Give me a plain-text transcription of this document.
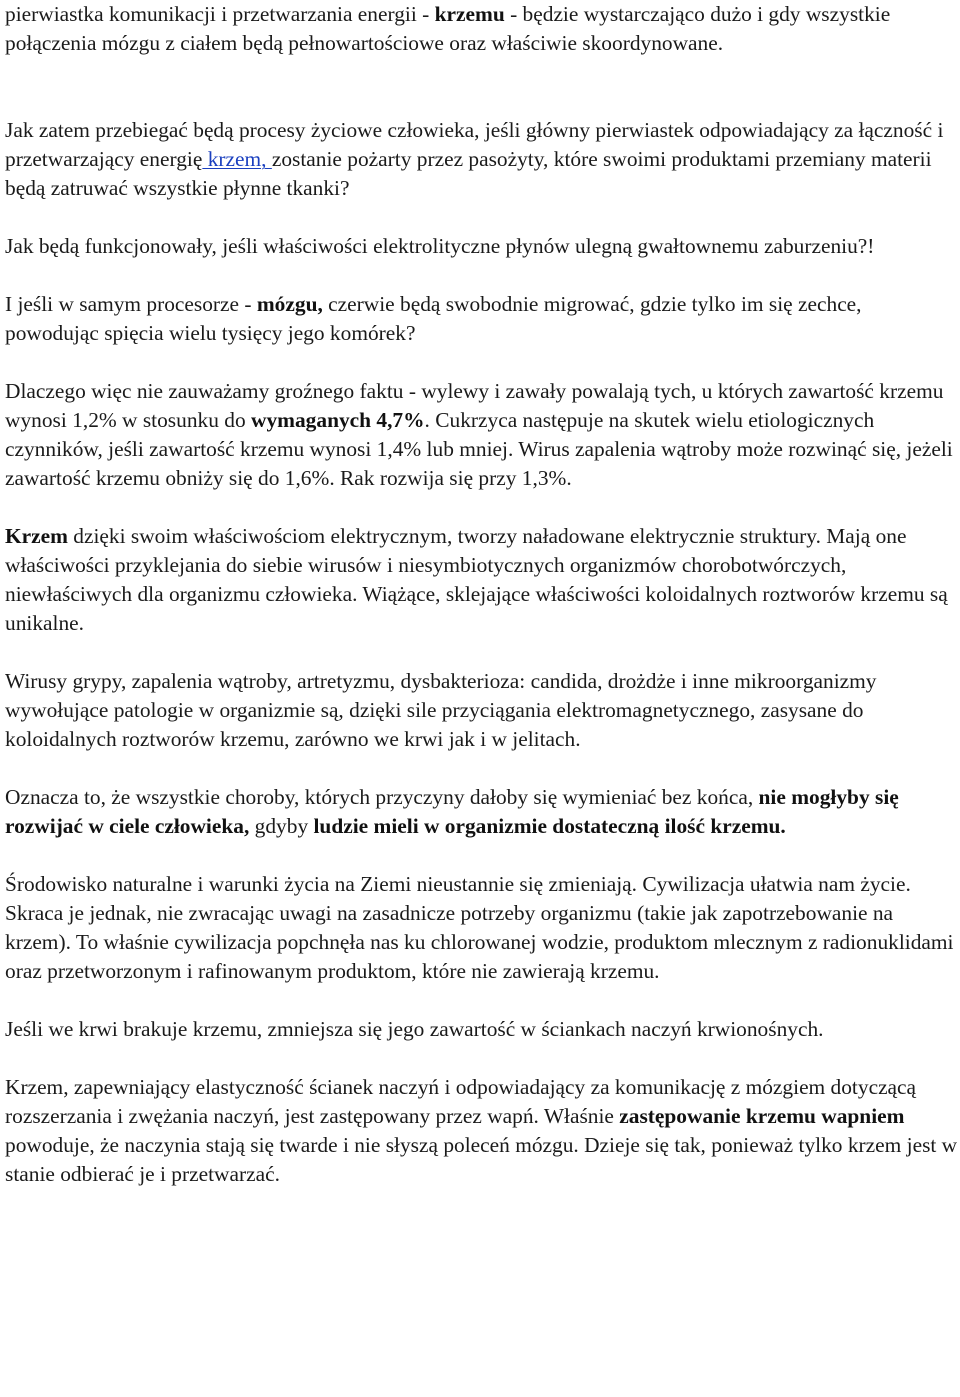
pierwiastka komunikacji i przetwarzania energii - krzemu - będzie wystarczająco dużo i gdy wszystkie połączenia mózgu z ciałem będą pełnowartościowe oraz właściwie skoordynowane.

Jak zatem przebiegać będą procesy życiowe człowieka, jeśli główny pierwiastek odpowiadający za łączność i przetwarzający energię krzem, zostanie pożarty przez pasożyty, które swoimi produktami przemiany materii będą zatruwać wszystkie płynne tkanki?

Jak będą funkcjonowały, jeśli właściwości elektrolityczne płynów ulegną gwałtownemu zaburzeniu?!

I jeśli w samym procesorze - mózgu, czerwie będą swobodnie migrować, gdzie tylko im się zechce, powodując spięcia wielu tysięcy jego komórek?

Dlaczego więc nie zauważamy groźnego faktu - wylewy i zawały powalają tych, u których zawartość krzemu wynosi 1,2% w stosunku do wymaganych 4,7%. Cukrzyca następuje na skutek wielu etiologicznych czynników, jeśli zawartość krzemu wynosi 1,4% lub mniej. Wirus zapalenia wątroby może rozwinąć się, jeżeli zawartość krzemu obniży się do 1,6%. Rak rozwija się przy 1,3%.

Krzem dzięki swoim właściwościom elektrycznym, tworzy naładowane elektrycznie struktury. Mają one właściwości przyklejania do siebie wirusów i niesymbiotycznych organizmów chorobotwórczych, niewłaściwych dla organizmu człowieka. Wiążące, sklejające właściwości koloidalnych roztworów krzemu są unikalne.

Wirusy grypy, zapalenia wątroby, artretyzmu, dysbakterioza: candida, drożdże i inne mikroorganizmy wywołujące patologie w organizmie są, dzięki sile przyciągania elektromagnetycznego, zasysane do koloidalnych roztworów krzemu, zarówno we krwi jak i w jelitach.

Oznacza to, że wszystkie choroby, których przyczyny dałoby się wymieniać bez końca, nie mogłyby się rozwijać w ciele człowieka, gdyby ludzie mieli w organizmie dostateczną ilość krzemu.

Środowisko naturalne i warunki życia na Ziemi nieustannie się zmieniają. Cywilizacja ułatwia nam życie. Skraca je jednak, nie zwracając uwagi na zasadnicze potrzeby organizmu (takie jak zapotrzebowanie na krzem). To właśnie cywilizacja popchnęła nas ku chlorowanej wodzie, produktom mlecznym z radionuklidami oraz przetworzonym i rafinowanym produktom, które nie zawierają krzemu.

Jeśli we krwi brakuje krzemu, zmniejsza się jego zawartość w ściankach naczyń krwionośnych.

Krzem, zapewniający elastyczność ścianek naczyń i odpowiadający za komunikację z mózgiem dotyczącą rozszerzania i zwężania naczyń, jest zastępowany przez wapń. Właśnie zastępowanie krzemu wapniem powoduje, że naczynia stają się twarde i nie słyszą poleceń mózgu. Dzieje się tak, ponieważ tylko krzem jest w stanie odbierać je i przetwarzać.
